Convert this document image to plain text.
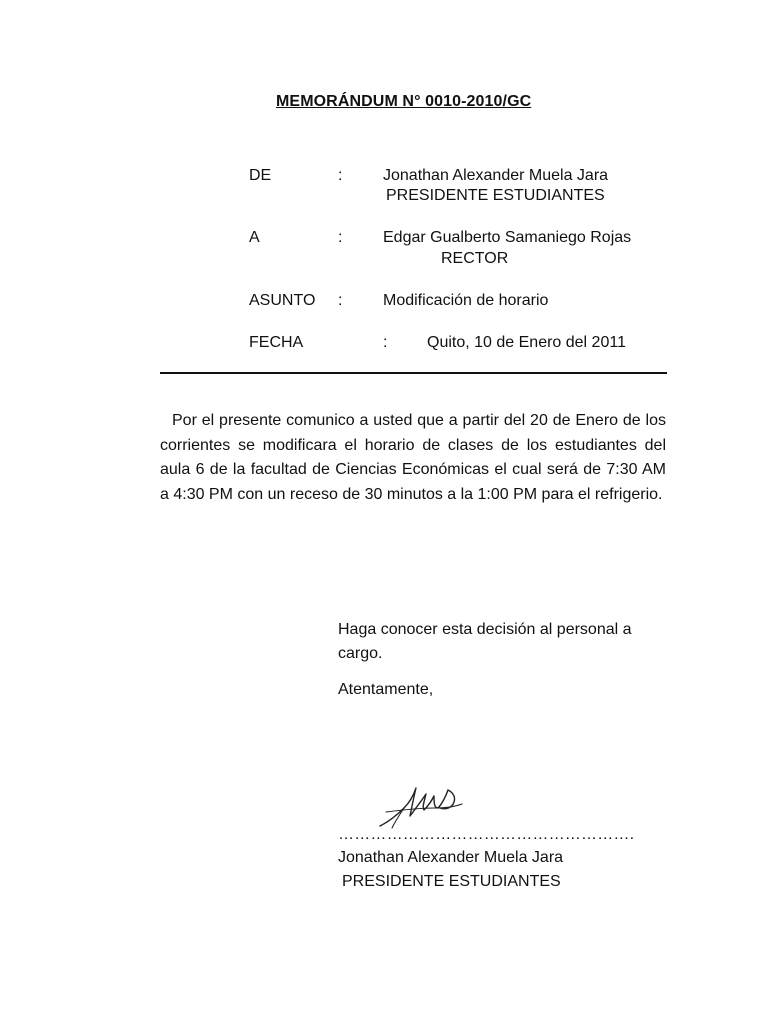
MEMORÁNDUM N° 0010-2010/GC
DE	:	Jonathan Alexander Muela Jara
PRESIDENTE ESTUDIANTES
A	:	Edgar Gualberto Samaniego Rojas
RECTOR
ASUNTO :	Modificación de horario
FECHA	: Quito, 10 de Enero del 2011
Por el presente comunico a usted que a partir del 20 de Enero de los corrientes se modificara el horario de clases de los estudiantes del aula 6 de la facultad de Ciencias Económicas el cual será de 7:30 AM a 4:30 PM con un receso de 30 minutos a la 1:00 PM para el refrigerio.
Haga conocer esta decisión al personal a cargo.
Atentamente,
……………………………………………….
Jonathan Alexander Muela Jara
PRESIDENTE ESTUDIANTES
